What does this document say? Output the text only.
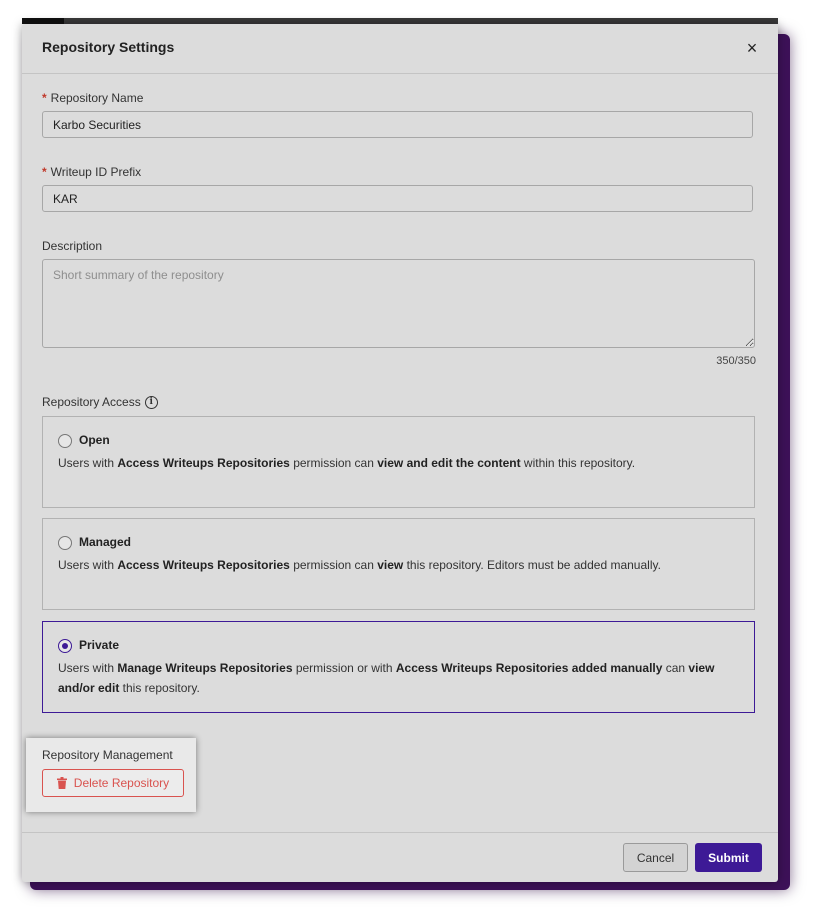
Repository Settings	×
* Repository Name
Karbo Securities
* Writeup ID Prefix
KAR
Description
Short summary of the repository
350/350
Repository Access i
Open
Users with Access Writeups Repositories permission can view and edit the content within this repository.
Managed
Users with Access Writeups Repositories permission can view this repository. Editors must be added manually.
Private
Users with Manage Writeups Repositories permission or with Access Writeups Repositories added manually can view and/or edit this repository.
Cancel	Submit
Repository Management
Delete Repository
